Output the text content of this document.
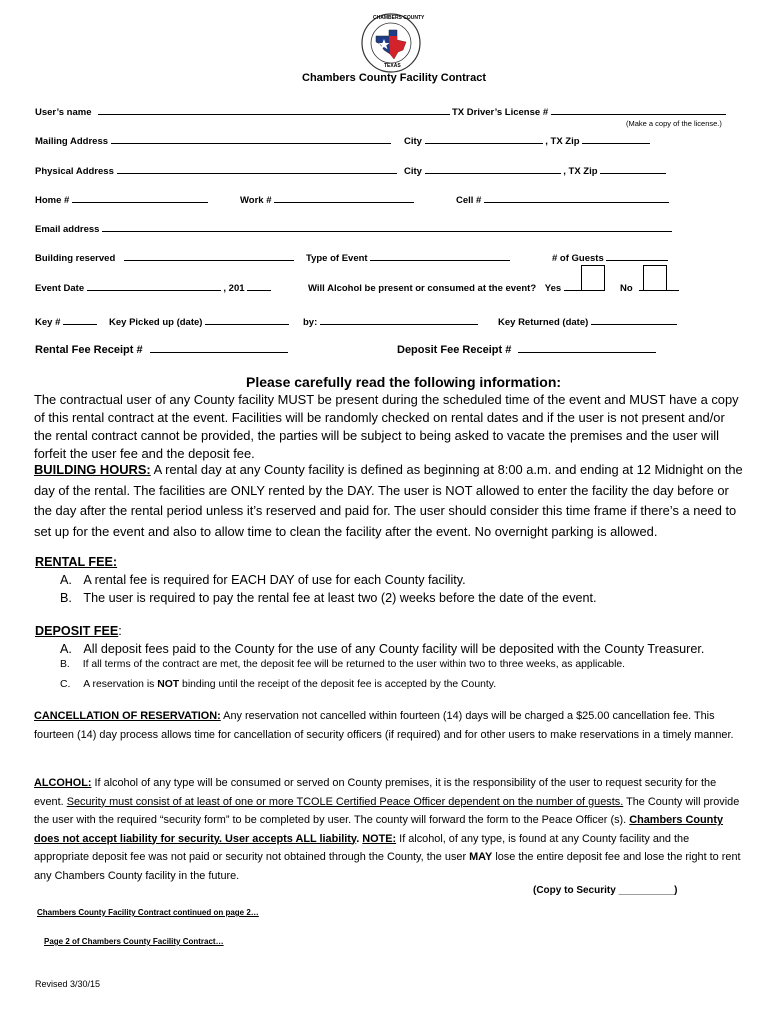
CHAMBERS COUNTY
TEXAS
Chambers County Facility Contract
User’s name	TX Driver’s License #
(Make a copy of the license.)
Mailing Address	City	, TX Zip
Physical Address	City	, TX Zip
Home #	Work #	Cell #
Email address
Building reserved	Type of Event	# of Guests
Event Date	, 201	Will Alcohol be present or consumed at the event? Yes	No
Key #	Key Picked up (date)	by:	Key Returned (date)
Rental Fee Receipt #	Deposit Fee Receipt #
Please carefully read the following information:
The contractual user of any County facility MUST be present during the scheduled time of the event and MUST have a copy of this rental contract at the event. Facilities will be randomly checked on rental dates and if the user is not present and/or the rental contract cannot be provided, the parties will be subject to being asked to vacate the premises and the user will forfeit the user fee and the deposit fee.
BUILDING HOURS: A rental day at any County facility is defined as beginning at 8:00 a.m. and ending at 12 Midnight on the day of the rental. The facilities are ONLY rented by the DAY. The user is NOT allowed to enter the facility the day before or the day after the rental period unless it’s reserved and paid for. The user should consider this time frame if there’s a need to set up for the event and also to allow time to clean the facility after the event. No overnight parking is allowed.
RENTAL FEE:
A. A rental fee is required for EACH DAY of use for each County facility.
B. The user is required to pay the rental fee at least two (2) weeks before the date of the event.
DEPOSIT FEE:
A. All deposit fees paid to the County for the use of any County facility will be deposited with the County Treasurer.
B. If all terms of the contract are met, the deposit fee will be returned to the user within two to three weeks, as applicable.
C. A reservation is NOT binding until the receipt of the deposit fee is accepted by the County.
CANCELLATION OF RESERVATION: Any reservation not cancelled within fourteen (14) days will be charged a $25.00 cancellation fee. This fourteen (14) day process allows time for cancellation of security officers (if required) and for other users to make reservations in a timely manner.
ALCOHOL: If alcohol of any type will be consumed or served on County premises, it is the responsibility of the user to request security for the event. Security must consist of at least of one or more TCOLE Certified Peace Officer dependent on the number of guests. The County will provide the user with the required “security form” to be completed by user. The county will forward the form to the Peace Officer (s). Chambers County does not accept liability for security. User accepts ALL liability. NOTE: If alcohol, of any type, is found at any County facility and the appropriate deposit fee was not paid or security not obtained through the County, the user MAY lose the entire deposit fee and lose the right to rent any Chambers County facility in the future.
(Copy to Security __________)
Chambers County Facility Contract continued on page 2…
Page 2 of Chambers County Facility Contract…
Revised 3/30/15
